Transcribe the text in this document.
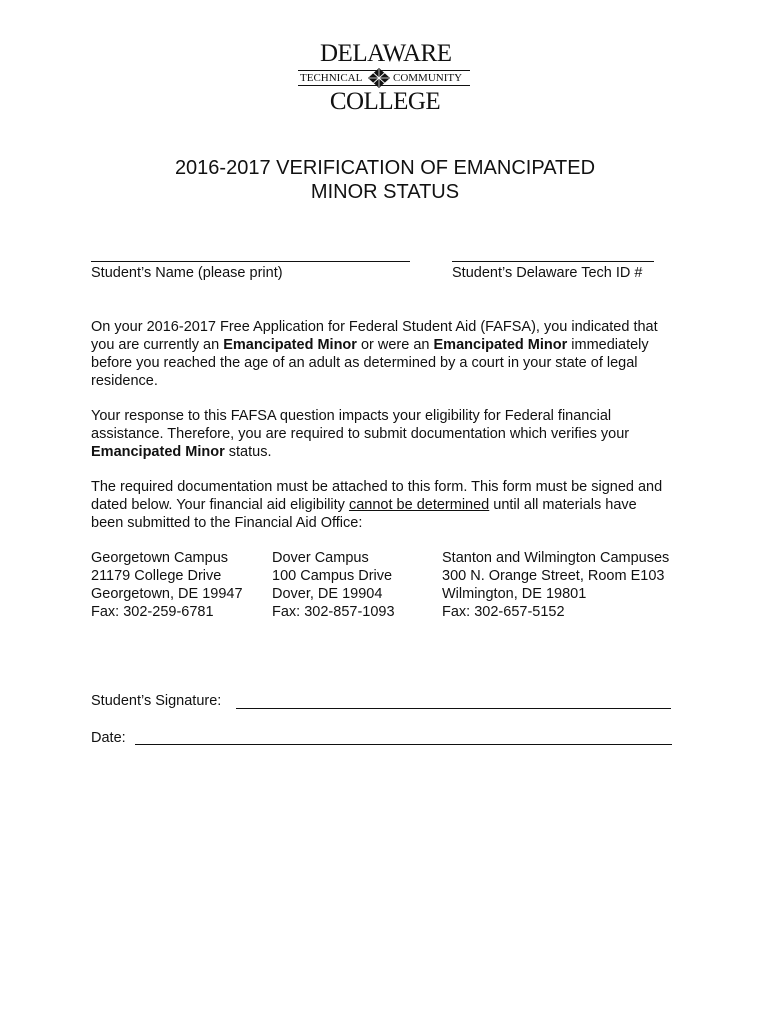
DELAWARE
TECHNICAL	COMMUNITY
COLLEGE
2016-2017 VERIFICATION OF EMANCIPATED
MINOR STATUS
Student’s Name (please print)	Student’s Delaware Tech ID #
On your 2016-2017 Free Application for Federal Student Aid (FAFSA), you indicated that you are currently an Emancipated Minor or were an Emancipated Minor immediately before you reached the age of an adult as determined by a court in your state of legal residence.
Your response to this FAFSA question impacts your eligibility for Federal financial assistance. Therefore, you are required to submit documentation which verifies your Emancipated Minor status.
The required documentation must be attached to this form. This form must be signed and dated below. Your financial aid eligibility cannot be determined until all materials have been submitted to the Financial Aid Office:
Georgetown Campus
21179 College Drive
Georgetown, DE 19947
Fax: 302-259-6781
Dover Campus
100 Campus Drive
Dover, DE 19904
Fax: 302-857-1093
Stanton and Wilmington Campuses
300 N. Orange Street, Room E103
Wilmington, DE 19801
Fax: 302-657-5152
Student’s Signature:
Date:
